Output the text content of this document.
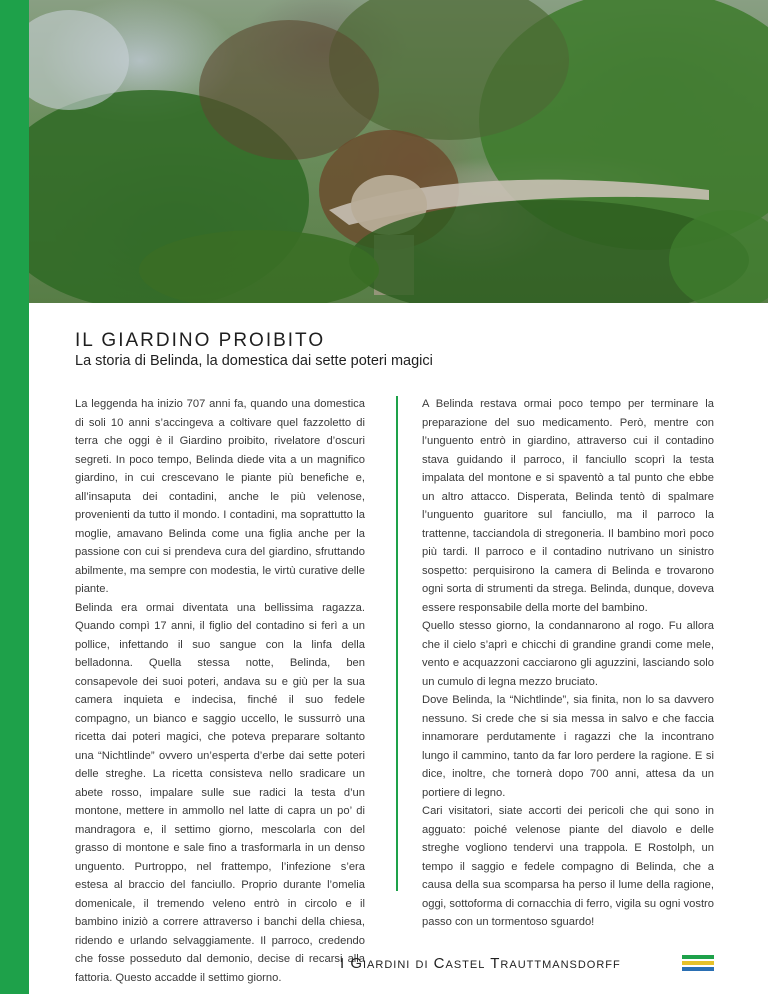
IL GIARDINO PROIBITO
La storia di Belinda, la domestica dai sette poteri magici

La leggenda ha inizio 707 anni fa, quando una domestica di soli 10 anni s’accingeva a coltivare quel fazzoletto di terra che oggi è il Giardino proibito, rivelatore d’oscuri segreti. In poco tempo, Belinda diede vita a un magnifico giardino, in cui crescevano le piante più benefiche e, all’insaputa dei contadini, anche le più velenose, provenienti da tutto il mondo. I contadini, ma soprattutto la moglie, amavano Belinda come una figlia anche per la passione con cui si prendeva cura del giardino, sfruttando abilmente, ma sempre con modestia, le virtù curative delle piante.

Belinda era ormai diventata una bellissima ragazza. Quando compì 17 anni, il figlio del contadino si ferì a un pollice, infettando il suo sangue con la linfa della belladonna. Quella stessa notte, Belinda, ben consapevole dei suoi poteri, andava su e giù per la sua camera inquieta e indecisa, finché il suo fedele compagno, un bianco e saggio uccello, le sussurrò una ricetta dai poteri magici, che poteva preparare soltanto una “Nichtlinde” ovvero un’esperta d’erbe dai sette poteri delle streghe. La ricetta consisteva nello sradicare un abete rosso, impalare sulle sue radici la testa d’un montone, mettere in ammollo nel latte di capra un po’ di mandragora e, il settimo giorno, mescolarla con del grasso di montone e sale fino a trasformarla in un denso unguento. Purtroppo, nel frattempo, l’infezione s’era estesa al braccio del fanciullo. Proprio durante l’omelia domenicale, il tremendo veleno entrò in circolo e il bambino iniziò a correre attraverso i banchi della chiesa, ridendo e urlando selvaggiamente. Il parroco, credendo che fosse posseduto dal demonio, decise di recarsi alla fattoria. Questo accadde il settimo giorno.

A Belinda restava ormai poco tempo per terminare la preparazione del suo medicamento. Però, mentre con l’unguento entrò in giardino, attraverso cui il contadino stava guidando il parroco, il fanciullo scoprì la testa impalata del montone e si spaventò a tal punto che ebbe un altro attacco. Disperata, Belinda tentò di spalmare l’unguento guaritore sul fanciullo, ma il parroco la trattenne, tacciandola di stregoneria. Il bambino morì poco più tardi. Il parroco e il contadino nutrivano un sinistro sospetto: perquisirono la camera di Belinda e trovarono ogni sorta di strumenti da strega. Belinda, dunque, doveva essere responsabile della morte del bambino.

Quello stesso giorno, la condannarono al rogo. Fu allora che il cielo s’aprì e chicchi di grandine grandi come mele, vento e acquazzoni cacciarono gli aguzzini, lasciando solo un cumulo di legna mezzo bruciato.

Dove Belinda, la “Nichtlinde”, sia finita, non lo sa davvero nessuno. Si crede che si sia messa in salvo e che faccia innamorare perdutamente i ragazzi che la incontrano lungo il cammino, tanto da far loro perdere la ragione. E si dice, inoltre, che tornerà dopo 700 anni, attesa da un portiere di legno.

Cari visitatori, siate accorti dei pericoli che qui sono in agguato: poiché velenose piante del diavolo e delle streghe vogliono tendervi una trappola. E Rostolph, un tempo il saggio e fedele compagno di Belinda, che a causa della sua scomparsa ha perso il lume della ragione, oggi, sottoforma di cornacchia di ferro, vigila su ogni vostro passo con un tormentoso sguardo!

I Giardini di Castel Trauttmansdorff
